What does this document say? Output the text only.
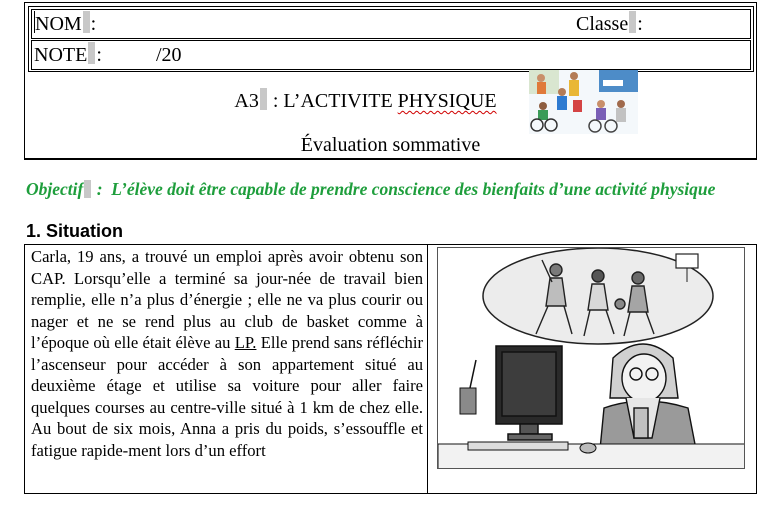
NOM :	Classe :
NOTE :	/20
A3 : L’ACTIVITE PHYSIQUE
Évaluation sommative
Objectif :  L’élève doit être capable de prendre conscience des bienfaits d’une activité physique
1. Situation
Carla, 19 ans, a trouvé un emploi après avoir obtenu son CAP. Lorsqu’elle a terminé sa jour-née de travail bien remplie, elle n’a plus d’énergie ; elle ne va plus courir ou nager et ne se rend plus au club de basket comme à l’époque où elle était élève au LP. Elle prend sans réfléchir l’ascenseur pour accéder à son appartement situé au deuxième étage et utilise sa voiture pour aller faire quelques courses au centre-ville situé à 1 km de chez elle. Au bout de six mois, Anna a pris du poids, s’essouffle et fatigue rapide-ment lors d’un effort
